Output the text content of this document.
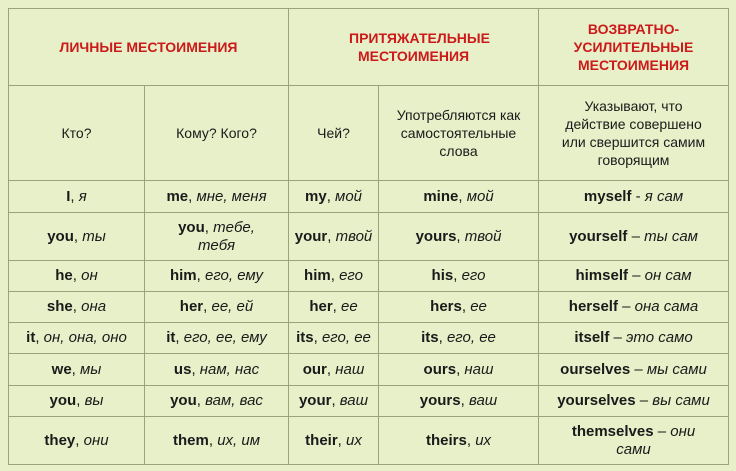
ЛИЧНЫЕ МЕСТОИМЕНИЯ		ПРИТЯЖАТЕЛЬНЫЕ МЕСТОИМЕНИЯ		ВОЗВРАТНО-УСИЛИТЕЛЬНЫЕ МЕСТОИМЕНИЯ
Кто?	Кому? Кого?	Чей?	Употребляются как самостоятельные слова	Указывают, что действие совершено или свершится самим говорящим
I, я	me, мне, меня	my, мой	mine, мой	myself - я сам
you, ты	you, тебе, тебя	your, твой	yours, твой	yourself – ты сам
he, он	him, его, ему	him, его	his, его	himself – он сам
she, она	her, ее, ей	her, ее	hers, ее	herself – она сама
it, он, она, оно	it, его, ее, ему	its, его, ее	its, его, ее	itself – это само
we, мы	us, нам, нас	our, наш	ours, наш	ourselves – мы сами
you, вы	you, вам, вас	your, ваш	yours, ваш	yourselves – вы сами
they, они	them, их, им	their, их	theirs, их	themselves – они сами
